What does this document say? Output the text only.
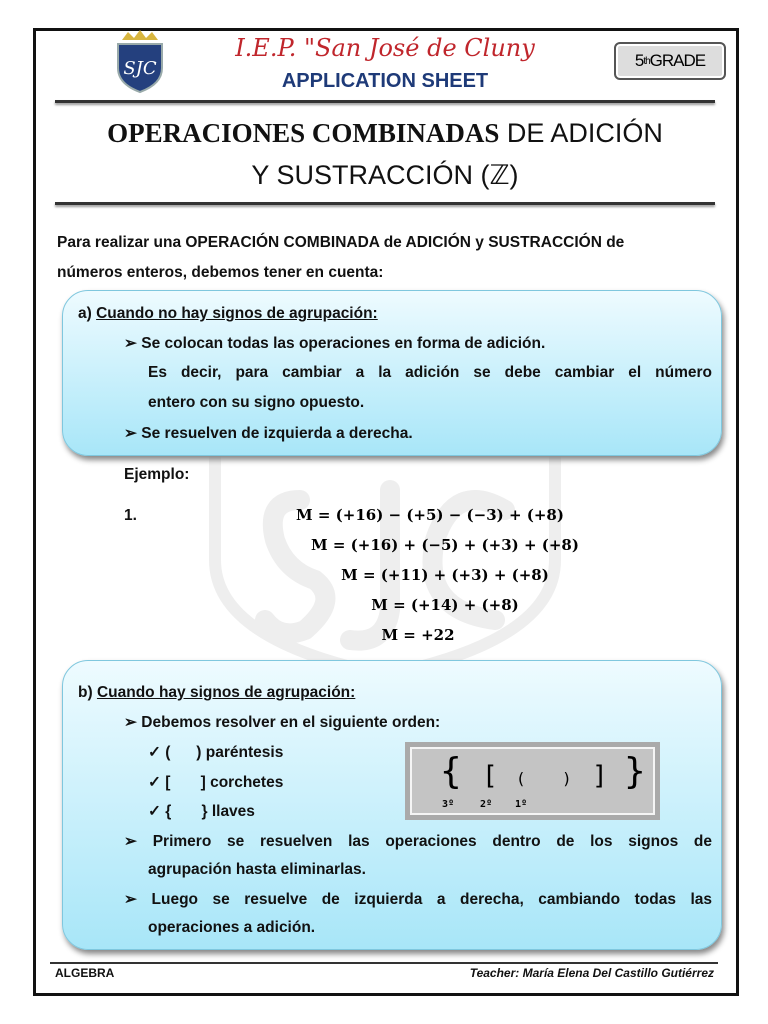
SJC
I.E.P. "San José de Cluny
APPLICATION SHEET
5 th GRADE
OPERACIONES COMBINADAS DE ADICIÓN
Y SUSTRACCIÓN (ℤ)
Para realizar una OPERACIÓN COMBINADA de ADICIÓN y SUSTRACCIÓN de
números enteros, debemos tener en cuenta:
a) Cuando no hay signos de agrupación:
➢ Se colocan todas las operaciones en forma de adición.
Es decir, para cambiar a la adición se debe cambiar el número
entero con su signo opuesto.
➢ Se resuelven de izquierda a derecha.
Ejemplo:
1.	M = (+16) − (+5) − (−3) + (+8)
M = (+16) + (−5) + (+3) + (+8)
M = (+11) + (+3) + (+8)
M = (+14) + (+8)
M = +22
b) Cuando hay signos de agrupación:
➢ Debemos resolver en el siguiente orden:
✓ (      ) paréntesis
✓ [       ] corchetes
✓ {       } llaves
{ [ ( ) ] }
3º	2º 1º
➢ Primero se resuelven las operaciones dentro de los signos de
agrupación hasta eliminarlas.
➢ Luego se resuelve de izquierda a derecha, cambiando todas las
operaciones a adición.
ALGEBRA	Teacher: María Elena Del Castillo Gutiérrez
